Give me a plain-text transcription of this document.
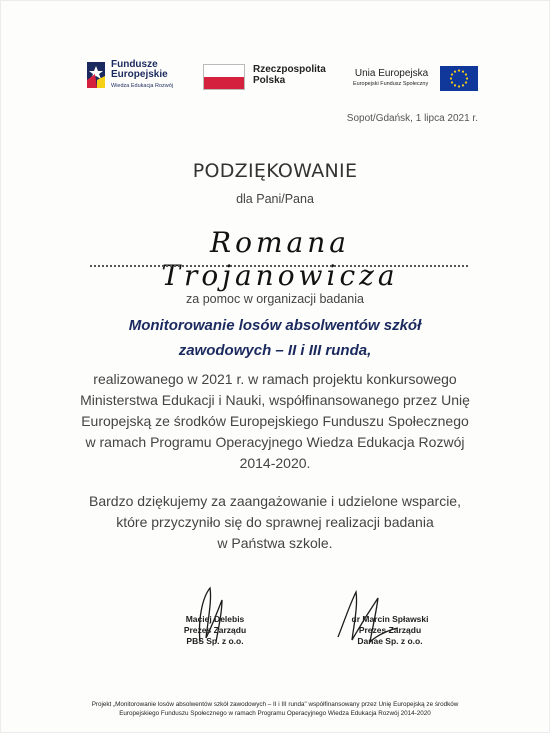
Fundusze
Europejskie
Wiedza Edukacja Rozwój
Rzeczpospolita
Polska
Unia Europejska
Europejski Fundusz Społeczny
Sopot/Gdańsk, 1 lipca 2021 r.
PODZIĘKOWANIE
dla Pani/Pana
Romana Trojanowicza
za pomoc w organizacji badania
Monitorowanie losów absolwentów szkół
zawodowych – II i III runda,
realizowanego w 2021 r. w ramach projektu konkursowego
Ministerstwa Edukacji i Nauki, współfinansowanego przez Unię
Europejską ze środków Europejskiego Funduszu Społecznego
w ramach Programu Operacyjnego Wiedza Edukacja Rozwój
2014-2020.
Bardzo dziękujemy za zaangażowanie i udzielone wsparcie,
które przyczyniło się do sprawnej realizacji badania
w Państwa szkole.
Maciej Delebis
Prezes Zarządu
PBS Sp. z o.o.
dr Marcin Spławski
Prezes Zarządu
Danae Sp. z o.o.
Projekt „Monitorowanie losów absolwentów szkół zawodowych – II i III runda" współfinansowany przez Unię Europejską ze środków
Europejskiego Funduszu Społecznego w ramach Programu Operacyjnego Wiedza Edukacja Rozwój 2014-2020
